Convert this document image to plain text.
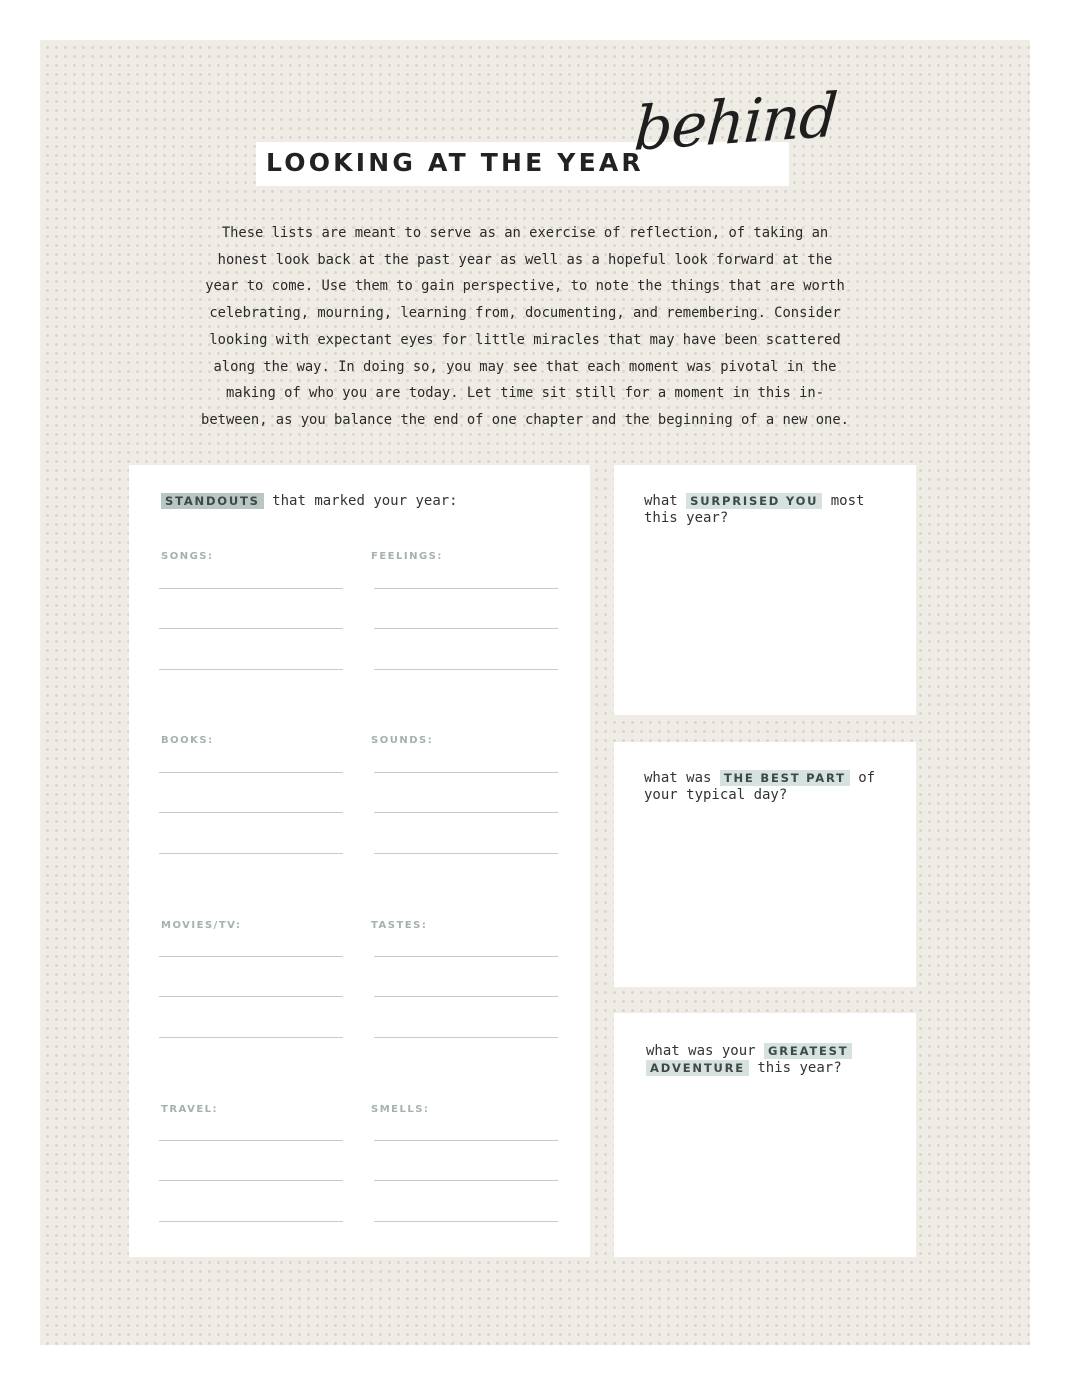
LOOKING AT THE YEAR
behind
These lists are meant to serve as an exercise of reflection, of taking an
honest look back at the past year as well as a hopeful look forward at the
year to come. Use them to gain perspective, to note the things that are worth
celebrating, mourning, learning from, documenting, and remembering. Consider
looking with expectant eyes for little miracles that may have been scattered
along the way. In doing so, you may see that each moment was pivotal in the
making of who you are today. Let time sit still for a moment in this in-
between, as you balance the end of one chapter and the beginning of a new one.
STANDOUTS that marked your year:
SONGS:	FEELINGS:
BOOKS:	SOUNDS:
MOVIES/TV:	TASTES:
TRAVEL:	SMELLS:
what SURPRISED YOU most
this year?
what was THE BEST PART of
your typical day?
what was your GREATEST
ADVENTURE this year?
